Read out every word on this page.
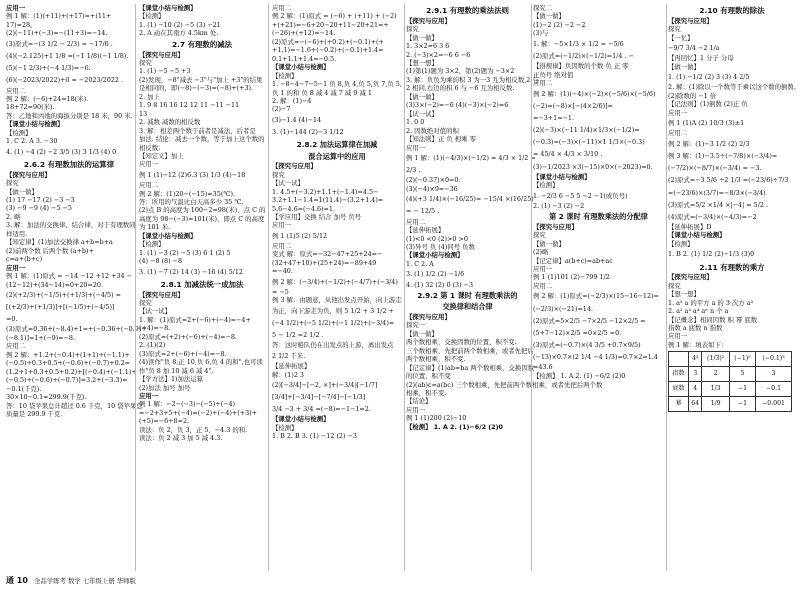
应用一
例 1 解：(1)(+11)+(+17)=+(11+
17)=28。
(2)(−11)+(−3)=−(11+3)=−14.
(3)原式=−(3 1/2 − 2/3) = −17/6 .
(4)(−2.125)+1 1/8 =(−1 1/8)(−1 1/8).
(5)(−1 2/3)+(−4 1/3)=−6.
(6)(−2023/2022)+0 = −2023/2022 .
应用二
例 2 解：(−6)+24=18(米).
18+72=90(米).
答：乙地和丙地的海拔分别是 18 米，90 米.
【课堂小结与检测】
【检测】
1. C 2. A 3. −30
4. (1) −4 (2) −2 3/5 (3) 3 1/3 (4) 0
2.6.2 有理数加法的运算律
【探究与应用】
探究
【做一做】
(1) 17 −17 (2) −3 −3
(3) −9 −9 (4) −5 −5
2. 略
3. 解：加法的交换律、结合律，对于有理数同
样适用.
【知定律】(1)加法交换律 a+b=b+a
(2)前两个数 后两个数 (a+b)+
c=a+(b+c)
应用一
例 1 解：(1)原式 = −14 −12 +12 +34 −
(12−12)+(34−14)=0+20=20.
(2)(+2/3)+(−1/5)+(+1/3)+(−4/5) =
[(+2/3)+(+1/3)]+[(−1/5)+(−4/5)]
=0.
(3)原式=0.36+(−8.4)+1=+(−0.36+(−0.9)+
(−8.1)]=1+(−9)=−8.
应用二
例 2 解：+1.2+(−0.4)+(1+1)+(−1.1)+
(−0.5)+0.3+0.5+(−0.6)+(−0.7)+0.2=
(1.2+1+0.3+0.5+0.2)+[(−0.4)+(−1.1)+
(−0.5)+(−0.6)+(−0.7)]=3.2+(−3.3)=
−0.1(千克).
30×10−0.1=299.9(千克).
答：10 袋苹果总计超过 0.6 千克，10 袋苹果总
质量是 299.9 千克.
【课堂小结与检测】
【检测】
1. (1) −10 (2) −5 (3) −21
2. A 动在其南方 4.5km 处.
2.7 有理数的减法
【探究与应用】
探究
1. (1) −5 −5 +3
(2)发现，−8"减去 −3"与"加上 +3"的结果
是相同的，即(−8)−(−3)=(−8)+(+3).
2. 加上
1. 9 8 16 16 12 12 11 −11 −11
13
2. 减数 减数的相反数
3. 解：相差两个数于前者是减法，后者是
加法. 结论：减去一个数，等于加上这个数的
相反数.
【知定义】加上
应用一
例 1 (1)−12 (2)6.3 (3) 1/3 (4)−18
应用二
例 2 解：(1)20−(−15)=35(℃).
答：所用的气温比白天高多少 35 ℃.
(2)点 B 的高度为 100−2=98(米)，点 C 的
高度为 98−(−3)=101(米)，即点 C 的高度
为 101 米.
【课堂小结与检测】
【检测】
1. (1) −3 (2) −5 (3) 6 1 (2) 5
(4) −8 (8) −8
3. (1) −7 (2) 14 (3) −16 (4) 5/12
2.8.1 加减法统一成加法
【探究与应用】
探究
【试一试】
1. 解：(1)原式=2+(−6)+(−4)=−4+
(+4)=−8.
(2)原式=(+2)+(−6)+(−4)=−8.
2. (1)(2)
(3)原式=2+(−6)+(−4)=−8.
(4)读作"负 8,正 10,负 6,负 4 的和",也可读
作"负 8 加 10 减 6 减 4".
【学方法】1)加法运算
(2)加法 加号 加号
应用一
例 1 解：−2−(−3)−(−5)+(−4)
=−2+3+5+(−4)=(−2)+(−4)+(+3)+
(+5)=−6+8=2.
读法：负 2，负 3，正 5，−4.3 的和.
读法：负 2 减 3 加 5 减 4.3.
应用二
例 2 解：(1)原式 = (−6) + (+11) + (−2)
+(+21)=−6+20−20+11−20+21=+
(−26)+(+12)=−14.
(2)原式=−(−6)+(+0.2)+(−0.1)+(+
+1.1)=−1.6+(−0.2)+(−0.1)+1.4=
0.1+1.1+1.4=−0.5.
【课堂小结与检测】
【检测】
1. −8−4−7−5−1 负 8,负 4,负 5,负 7,负 5,
负 1 的和 负 8 减 4 减 7 减 9 减 1
2. 解：(1)−4
(2)−7
(3)−1.4 (4)−14
3. (1)−144 (2)−3 1/12
2.8.2 加法运算律在加减
混合运算中的应用
【探究与应用】
探究
【试一试】
1. 4.5+(−3.2)+1.1+(−1.4)=4.5−
3.2+1.1−1.4=1(11.4)−(3.2+1.4)=
5.6−4.6=(−4.6)=1.
【学应用】交换 结合 加号 负号
应用一
例 1 (1)5 (2) 5/12
应用二
变式 解：原式=−32−47+25+24=−
(32+47+10)+(25+24)=−89+49
=−40.
例 2 解：(−3/4)+(−1/2)+(−4/7)+(−3/4)
= −5
例 3 解：由题意，从他出发点开始，向上游走
为正，向下游走为负，则 5 1/2 + 3 1/2 +
(−4 1/2)+(−5 1/2)+(−1 1/2)+(−3/4)=
5 − 1/2 =2 1/2 .
答：这时船队仍在出发点的上游，离出发点
2 1/2 千米.
【延伸拓展】
解：(1)2 3
(2)[−3/4]−[−2, ×]+(−3/4)[−1/7]
[3/4]+[−3/4]−[−7/4]−[−1/3]
3/4 −3 + 3/4 =(−8)=−1−1=2.
【课堂小结与检测】
【检测】
1. B 2. B 3. (1) −12 (2) −3
2.9.1 有理数的乘法法则
【探究与应用】
探究
【做一做】
1. 3×2=6 3 6
2. (−3)×2=−6 6 −6
【想一想】
(1)第(1)题为 3×2，第(2)题为 −3×2
3. 解：负负为乘的积 3 为一3 互为相反数,2 与
2 相同,右边的积 6 与 −6 互为相反数.
【做一做】
(3)3×(−2)=−6 (4)(−3)×(−2)=6
【试一试】
1. 0 0
2. 因数绝对值的积
【知法则】正 负 相乘 零
应用一
例 1 解：(1)(−4/3)×(−1/2) = 4/3 × 1/2 =
2/3 .
(2)(−0.37)×0=0.
(3)(−4)×9=−36
(4)(+3 1/4)×(−16/25)= −15/4 ×(16/25)
= − 12/5 .
应用二
【延伸拓展】
(1)<0 <0 (2)>0 >0
(3)异号 负 (4)同号 负数
【课堂小结与检测】
1. C 2. A
3. (1) 1/2 (2) −1/6
4. (1) 32 (2) 0 (3) −3
2.9.2 第 1 课时 有理数乘法的
交换律和结合律
【探究与应用】
探究一
【做一做】
两个数相乘，交换因数的位置，积不变.
三个数相乘，先把前两个数相乘，或者先把后
两个数相乘，积不变.
【记定律】(1)ab=ba 两个数相乘，交换因数
的位置，积不变
(2)(ab)c=a(bc) 三个数相乘，先把前两个数相乘，或者先把后两个数
相乘，积不变.
【结论】
应用一
例 1 (1)200 (2)−10
【检测】 1. A 2. (1)−6/2 (2)0
探究二
【做一做】
(1)−2 (2) −2 −2
(3)与
1. 解：−5×1/3 × 1/2 = −5/6
(2)原式=(−1/2)×(−1/2)=1/4 . −
【得规律】负因数的个数 负 正 零
正负号 绝对值
应用二
例 2 解：(1)(−4)×(−2)×(−5/6)×(−5/6)
(−2)=(−8)×[−(4×2/6)]=
=−3+1=−1.
(2)(−3)×(−11 1/4)×1/3×(−1/2)=
(−0.3)=(−3)×(−11)×1 1/3×(−0.3)
= 45/4 × 4/3 × 3/10 .
(3)−1/2023 ×3(−15)×0×(−2023)=0.
【课堂小结与检测】
【检测】
1. −2/3 6 −5 5 −2 −1(或负号)
2. (1) −3 (2) −2
第 2 课时 有理数乘法的分配律
【探究与应用】
探究
【做一做】
(2)略
【记定律】a(b+c)=ab+ac
应用一
例 1 (1)101 (2)−799 1/2
应用二
例 2 解：(1)原式=(−2/3)×(15−16−12)=
(−2/3)×(−21)=14.
(2)原式=5×2/5 −7×2/5 −12×2/5 =
(5+7−12)×2/5 =0×2/5 =0.
(3)原式=(−0.7)×(4 3/5 +0.7×9/5)
(−13)×0.7×(2 1/4 −4 1/3)=0.7×2=1.4
=43.6
【检测】 1. A 2. (1) −6/2 (2)0
2.10 有理数的除法
【探究与应用】
探究
【一忆】
−9/7 3/4 −2 1/a
【再回忆】1 分子 分母
【做一做】
1. (1) −1/2 (2) 3 (3) 4 2/5
2. 解：(1)除以一个数等于乘以这个数的倒数.
(2)除数的 −1 倍
【记法则】(1)倒数 (2)正 负
应用一
例 1 (1)A (2) 10/3 (3)±1
应用二
例 2 解：(1)−3 1/2 (2) 2/3
例 3 解：(1)−3.5÷(−7/8)×(−3/4)=
(−7/2)×(−8/7)×(−3/4) = −3.
(2)原式=−3 5/6 ÷2 1/3 =(−23/6)÷7/3
=(−23/6)×(3/7)=−8/3×(−3/4)
(3)原式=5/2 ×1/4 ×|−4| = 5/2 .
(4)原式=(−3/4)×(−4/3)=−2
【延伸拓展】D
【课堂小结与检测】
【检测】
1. B 2. (1) 1/2 (2)−1/3 (3)0
2.11 有理数的乘方
【探究与应用】
探究
【想一想】
1. a² a 的平方 a 的 3 次方 a³
2. a² a³ a⁴ aⁿ n 个 a
【记概念】相同因数 积 幂 底数
指数 a 底数 n 指数
应用一
例 1 解：填表如下：
	4³	(1/3)²	(−1)⁵	(−0.1)³
指数	3	2	5	3
底数	4	1/3	−1	−0.1
幂	64	1/9	−1	−0.001
通 10 全品学练考 数学 七年级上册 华师版
